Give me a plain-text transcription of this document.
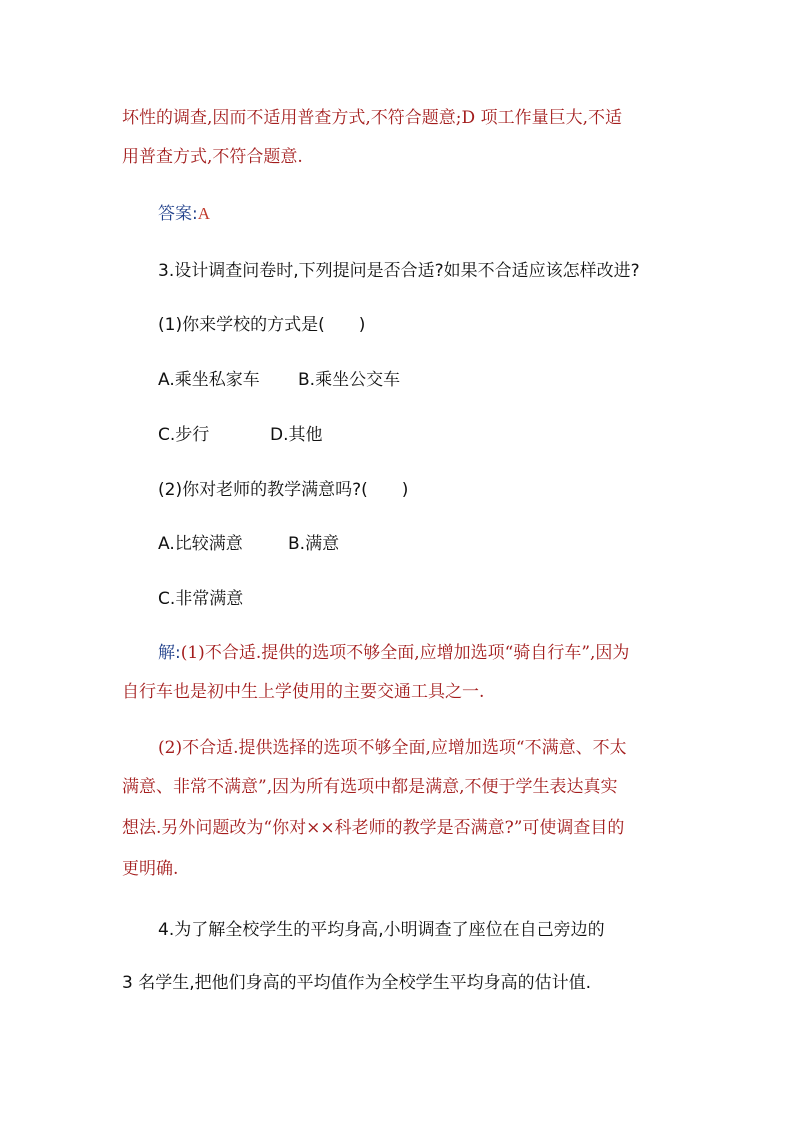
坏性的调查,因而不适用普查方式,不符合题意;D 项工作量巨大,不适
用普查方式,不符合题意.
答案:A
3.设计调查问卷时,下列提问是否合适?如果不合适应该怎样改进?
(1)你来学校的方式是(　　)
A.乘坐私家车 B.乘坐公交车
C.步行	D.其他
(2)你对老师的教学满意吗?(　　)
A.比较满意	B.满意
C.非常满意
解:(1)不合适.提供的选项不够全面,应增加选项“骑自行车”,因为
自行车也是初中生上学使用的主要交通工具之一.
(2)不合适.提供选择的选项不够全面,应增加选项“不满意、不太
满意、非常不满意”,因为所有选项中都是满意,不便于学生表达真实
想法.另外问题改为“你对××科老师的教学是否满意?”可使调查目的
更明确.
4.为了解全校学生的平均身高,小明调查了座位在自己旁边的
3 名学生,把他们身高的平均值作为全校学生平均身高的估计值.
